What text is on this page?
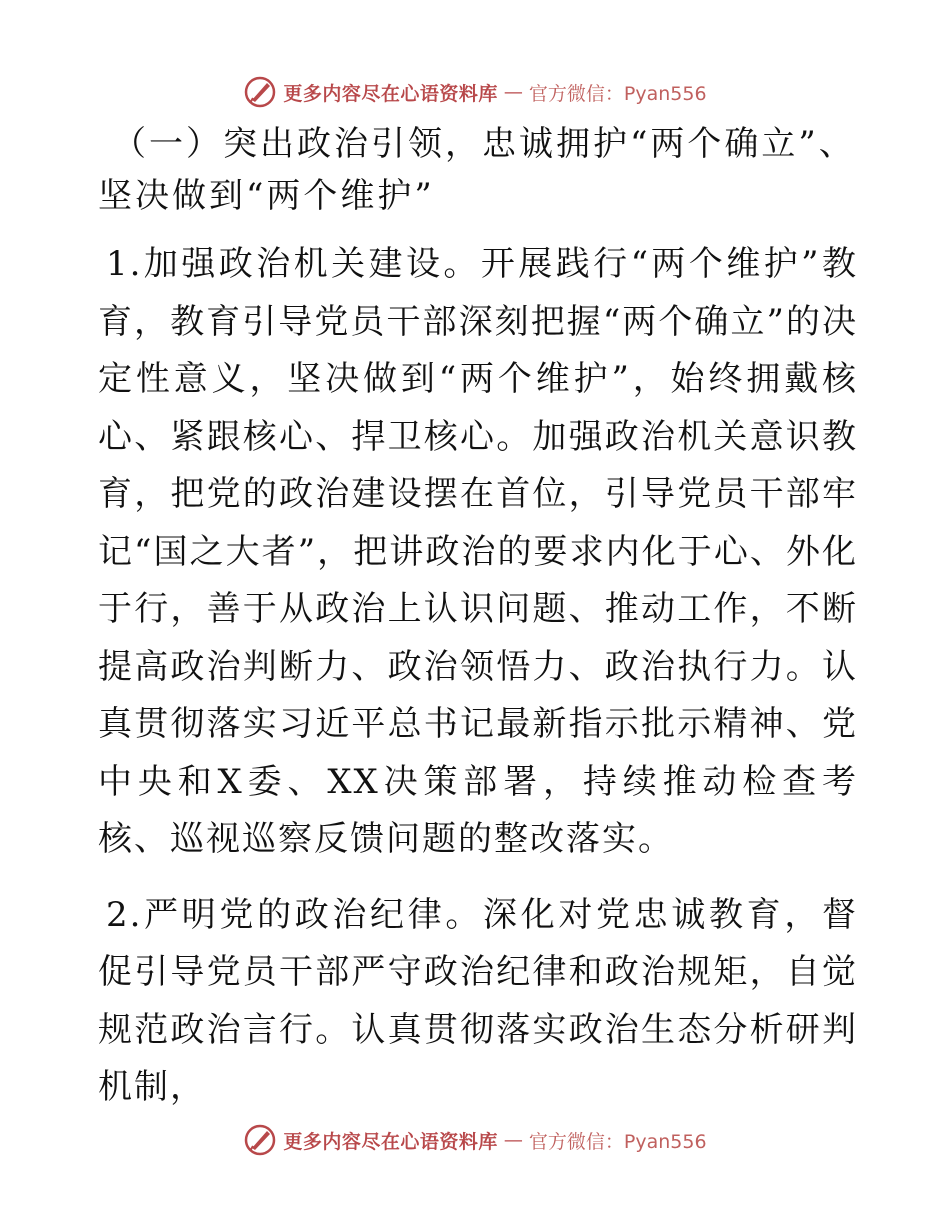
更多内容尽在心语资料库 — 官方微信：Pyan556

（一）突出政治引领，忠诚拥护“两个确立”、坚决做到“两个维护”

1.加强政治机关建设。开展践行“两个维护”教育，教育引导党员干部深刻把握“两个确立”的决定性意义，坚决做到“两个维护”，始终拥戴核心、紧跟核心、捍卫核心。加强政治机关意识教育，把党的政治建设摆在首位，引导党员干部牢记“国之大者”，把讲政治的要求内化于心、外化于行，善于从政治上认识问题、推动工作，不断提高政治判断力、政治领悟力、政治执行力。认真贯彻落实习近平总书记最新指示批示精神、党中央和X委、XX决策部署，持续推动检查考核、巡视巡察反馈问题的整改落实。

2.严明党的政治纪律。深化对党忠诚教育，督促引导党员干部严守政治纪律和政治规矩，自觉规范政治言行。认真贯彻落实政治生态分析研判机制，

更多内容尽在心语资料库 — 官方微信：Pyan556
